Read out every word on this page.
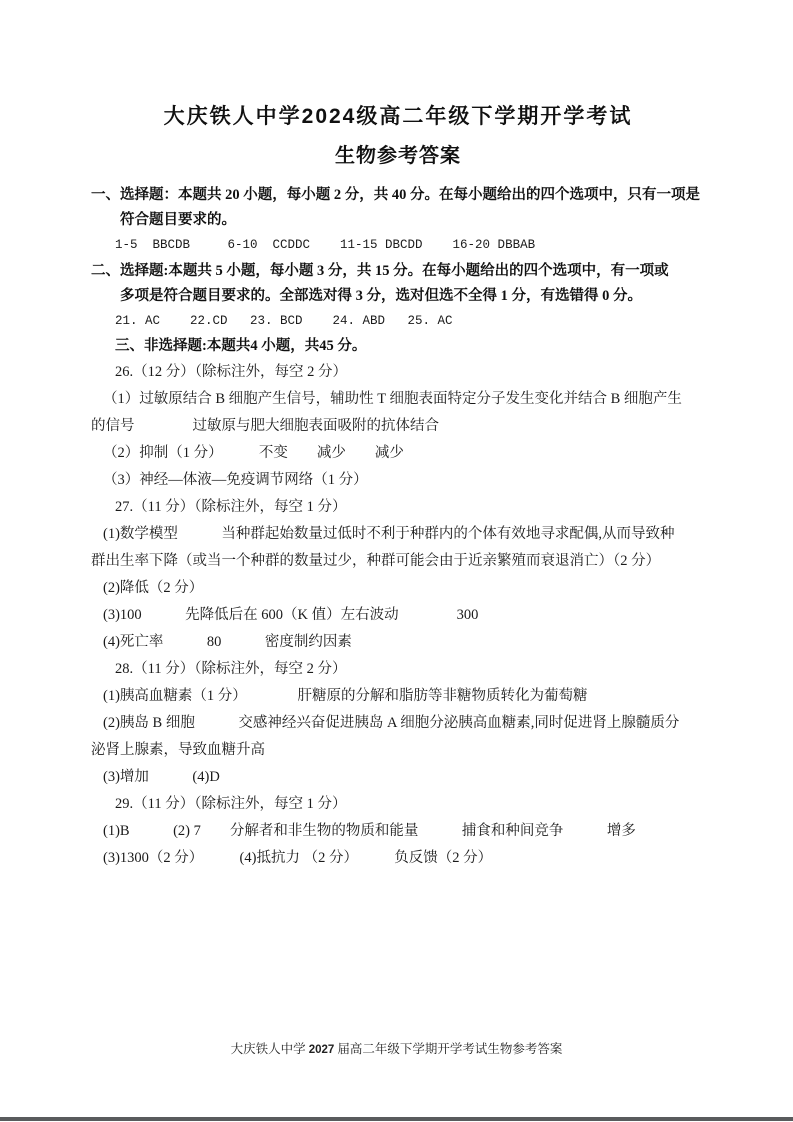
大庆铁人中学2024级高二年级下学期开学考试
生物参考答案
一、选择题：本题共 20 小题，每小题 2 分，共 40 分。在每小题给出的四个选项中，只有一项是
符合题目要求的。
1-5  BBCDB     6-10  CCDDC    11-15 DBCDD    16-20 DBBAB
二、选择题:本题共 5 小题，每小题 3 分，共 15 分。在每小题给出的四个选项中，有一项或
多项是符合题目要求的。全部选对得 3 分，选对但选不全得 1 分，有选错得 0 分。
21. AC    22.CD   23. BCD    24. ABD   25. AC
三、非选择题:本题共4 小题，共45 分。
26.（12 分）（除标注外，每空 2 分）
（1）过敏原结合 B 细胞产生信号，辅助性 T 细胞表面特定分子发生变化并结合 B 细胞产生
的信号　　　　过敏原与肥大细胞表面吸附的抗体结合
（2）抑制（1 分）　　　不变　　减少　　减少
（3）神经—体液—免疫调节网络（1 分）
27.（11 分）（除标注外，每空 1 分）
(1)数学模型　　　当种群起始数量过低时不利于种群内的个体有效地寻求配偶,从而导致种
群出生率下降（或当一个种群的数量过少，种群可能会由于近亲繁殖而衰退消亡）（2 分）
(2)降低（2 分）
(3)100　　　先降低后在 600（K 值）左右波动　　　　300
(4)死亡率　　　80　　　密度制约因素
28.（11 分）（除标注外，每空 2 分）
(1)胰高血糖素（1 分）　　　　肝糖原的分解和脂肪等非糖物质转化为葡萄糖
(2)胰岛 B 细胞　　　交感神经兴奋促进胰岛 A 细胞分泌胰高血糖素,同时促进肾上腺髓质分
泌肾上腺素，导致血糖升高
(3)增加　　　(4)D
29.（11 分）（除标注外，每空 1 分）
(1)B　　　(2) 7　　分解者和非生物的物质和能量　　　捕食和种间竞争　　　增多
(3)1300（2 分）　　　(4)抵抗力 （2 分）　　　负反馈（2 分）
大庆铁人中学 2027 届高二年级下学期开学考试生物参考答案
